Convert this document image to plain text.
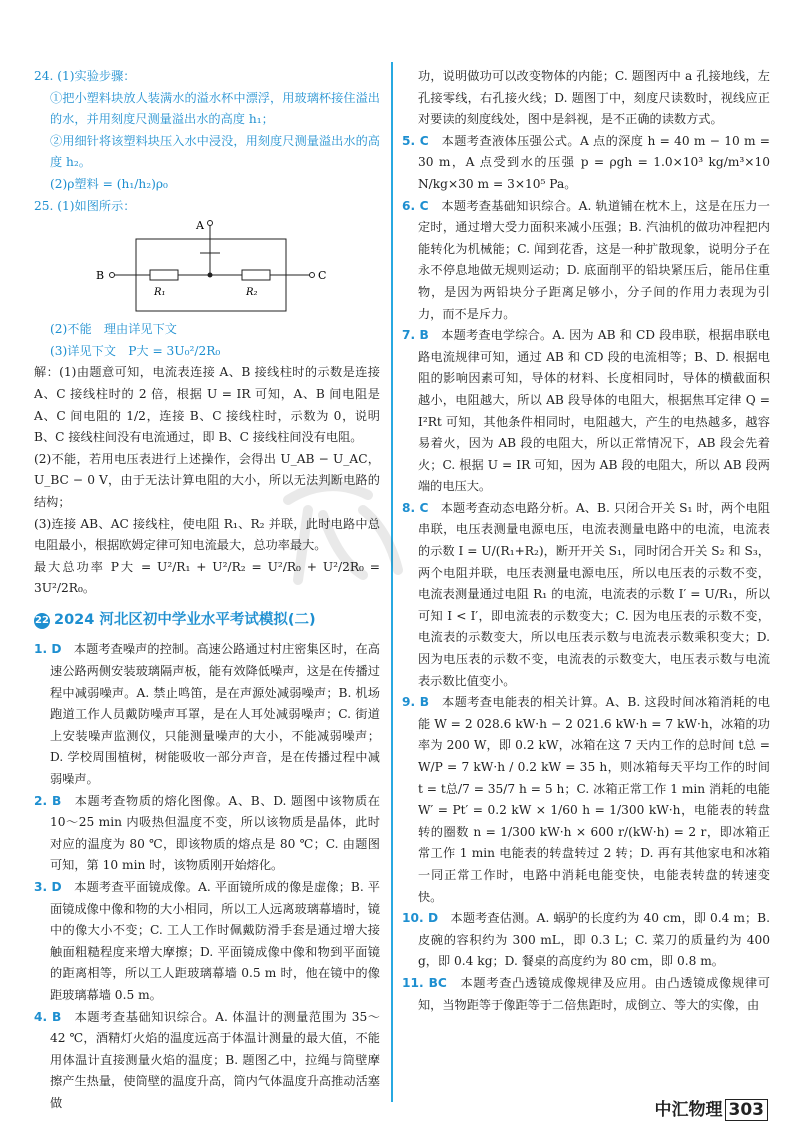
24. (1)实验步骤：

①把小塑料块放人装满水的溢水杯中漂浮，用玻璃杯接住溢出的水，并用刻度尺测量溢出水的高度 h₁；

②用细针将该塑料块压入水中浸没，用刻度尺测量溢出水的高度 h₂。

(2)ρ塑料 = (h₁/h₂)ρ₀

25. (1)如图所示：

A
B	C
R₁	R₂

(2)不能　理由详见下文

(3)详见下文　P大 = 3U₀²/2R₀

解：(1)由题意可知，电流表连接 A、B 接线柱时的示数是连接 A、C 接线柱时的 2 倍，根据 U = IR 可知，A、B 间电阻是 A、C 间电阻的 1/2，连接 B、C 接线柱时，示数为 0，说明 B、C 接线柱间没有电流通过，即 B、C 接线柱间没有电阻。

(2)不能，若用电压表进行上述操作，会得出 U_AB − U_AC，U_BC − 0 V，由于无法计算电阻的大小，所以无法判断电路的结构；

(3)连接 AB、AC 接线柱，使电阻 R₁、R₂ 并联，此时电路中总电阻最小，根据欧姆定律可知电流最大，总功率最大。

最大总功率 P大 = U²/R₁ + U²/R₂ = U²/R₀ + U²/2R₀ = 3U²/2R₀。

22 2024 河北区初中学业水平考试模拟(二)

1. D　 本题考查噪声的控制。高速公路通过村庄密集区时，在高速公路两侧安装玻璃隔声板，能有效降低噪声，这是在传播过程中减弱噪声。A. 禁止鸣笛，是在声源处减弱噪声；B. 机场跑道工作人员戴防噪声耳罩，是在人耳处减弱噪声；C. 街道上安装噪声监测仪，只能测量噪声的大小，不能减弱噪声；D. 学校周围植树，树能吸收一部分声音，是在传播过程中减弱噪声。

2. B　 本题考查物质的熔化图像。A、B、D. 题图中该物质在 10～25 min 内吸热但温度不变，所以该物质是晶体，此时对应的温度为 80 ℃，即该物质的熔点是 80 ℃；C. 由题图可知，第 10 min 时，该物质刚开始熔化。

3. D　 本题考查平面镜成像。A. 平面镜所成的像是虚像；B. 平面镜成像中像和物的大小相同，所以工人远离玻璃幕墙时，镜中的像大小不变；C. 工人工作时佩戴防滑手套是通过增大接触面粗糙程度来增大摩擦；D. 平面镜成像中像和物到平面镜的距离相等，所以工人距玻璃幕墙 0.5 m 时，他在镜中的像距玻璃幕墙 0.5 m。

4. B　 本题考查基础知识综合。A. 体温计的测量范围为 35～42 ℃，酒精灯火焰的温度远高于体温计测量的最大值，不能用体温计直接测量火焰的温度；B. 题图乙中，拉绳与筒壁摩擦产生热量，使筒壁的温度升高，筒内气体温度升高推动活塞做

功，说明做功可以改变物体的内能；C. 题图丙中 a 孔接地线，左孔接零线，右孔接火线；D. 题图丁中，刻度尺读数时，视线应正对要读的刻度线处，图中是斜视，是不正确的读数方式。

5. C　 本题考查液体压强公式。A 点的深度 h = 40 m − 10 m = 30 m，A 点受到水的压强 p = ρgh = 1.0×10³ kg/m³×10 N/kg×30 m = 3×10⁵ Pa。

6. C　 本题考查基础知识综合。A. 轨道铺在枕木上，这是在压力一定时，通过增大受力面积来减小压强；B. 汽油机的做功冲程把内能转化为机械能；C. 闻到花香，这是一种扩散现象，说明分子在永不停息地做无规则运动；D. 底面削平的铅块紧压后，能吊住重物，是因为两铅块分子距离足够小，分子间的作用力表现为引力，而不是斥力。

7. B　 本题考查电学综合。A. 因为 AB 和 CD 段串联，根据串联电路电流规律可知，通过 AB 和 CD 段的电流相等；B、D. 根据电阻的影响因素可知，导体的材料、长度相同时，导体的横截面积越小，电阻越大，所以 AB 段导体的电阻大，根据焦耳定律 Q = I²Rt 可知，其他条件相同时，电阻越大，产生的电热越多，越容易着火，因为 AB 段的电阻大，所以正常情况下，AB 段会先着火；C. 根据 U = IR 可知，因为 AB 段的电阻大，所以 AB 段两端的电压大。

8. C　 本题考查动态电路分析。A、B. 只闭合开关 S₁ 时，两个电阻串联，电压表测量电源电压，电流表测量电路中的电流，电流表的示数 I = U/(R₁+R₂)，断开开关 S₁，同时闭合开关 S₂ 和 S₃，两个电阻并联，电压表测量电源电压，所以电压表的示数不变，电流表测量通过电阻 R₁ 的电流，电流表的示数 I′ = U/R₁，所以可知 I < I′，即电流表的示数变大；C. 因为电压表的示数不变，电流表的示数变大，所以电压表示数与电流表示数乘积变大；D. 因为电压表的示数不变，电流表的示数变大，电压表示数与电流表示数比值变小。

9. B　 本题考查电能表的相关计算。A、B. 这段时间冰箱消耗的电能 W = 2 028.6 kW·h − 2 021.6 kW·h = 7 kW·h，冰箱的功率为 200 W，即 0.2 kW，冰箱在这 7 天内工作的总时间 t总 = W/P = 7 kW·h / 0.2 kW = 35 h，则冰箱每天平均工作的时间 t = t总/7 = 35/7 h = 5 h；C. 冰箱正常工作 1 min 消耗的电能 W′ = Pt′ = 0.2 kW × 1/60 h = 1/300 kW·h，电能表的转盘转的圈数 n = 1/300 kW·h × 600 r/(kW·h) = 2 r，即冰箱正常工作 1 min 电能表的转盘转过 2 转；D. 再有其他家电和冰箱一同正常工作时，电路中消耗电能变快，电能表转盘的转速变快。

10. D　 本题考查估测。A. 蜗驴的长度约为 40 cm，即 0.4 m；B. 皮碗的容积约为 300 mL，即 0.3 L；C. 菜刀的质量约为 400 g，即 0.4 kg；D. 餐桌的高度约为 80 cm，即 0.8 m。

11. BC　 本题考查凸透镜成像规律及应用。由凸透镜成像规律可知，当物距等于像距等于二倍焦距时，成倒立、等大的实像，由

中汇物理 303
